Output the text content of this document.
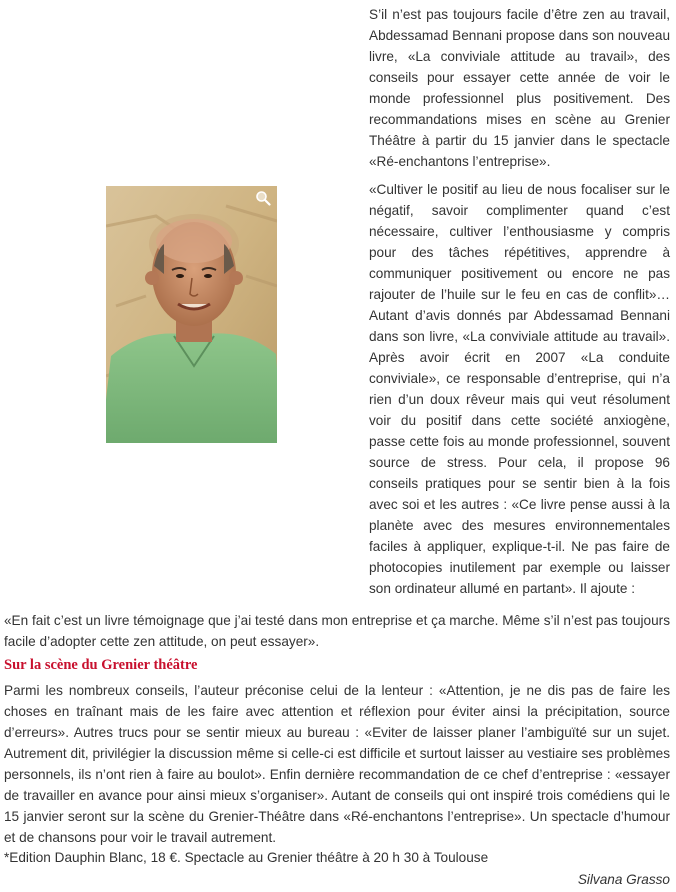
S’il n’est pas toujours facile d’être zen au travail, Abdessamad Bennani propose dans son nouveau livre, «La conviviale attitude au travail», des conseils pour essayer cette année de voir le monde professionnel plus positivement. Des recommandations mises en scène au Grenier Théâtre à partir du 15 janvier dans le spectacle «Ré-enchantons l’entreprise».

«Cultiver le positif au lieu de nous focaliser sur le négatif, savoir complimenter quand c’est nécessaire, cultiver l’enthousiasme y compris pour des tâches répétitives, apprendre à communiquer positivement ou encore ne pas rajouter de l’huile sur le feu en cas de conflit»… Autant d’avis donnés par Abdessamad Bennani dans son livre, «La conviviale attitude au travail». Après avoir écrit en 2007 «La conduite conviviale», ce responsable d’entreprise, qui n’a rien d’un doux rêveur mais qui veut résolument voir du positif dans cette société anxiogène, passe cette fois au monde professionnel, souvent source de stress. Pour cela, il propose 96 conseils pratiques pour se sentir bien à la fois avec soi et les autres : «Ce livre pense aussi à la planète avec des mesures environnementales faciles à appliquer, explique-t-il. Ne pas faire de photocopies inutilement par exemple ou laisser son ordinateur allumé en partant». Il ajoute :

«En fait c’est un livre témoignage que j’ai testé dans mon entreprise et ça marche. Même s’il n’est pas toujours facile d’adopter cette zen attitude, on peut essayer».

Sur la scène du Grenier théâtre

Parmi les nombreux conseils, l’auteur préconise celui de la lenteur : «Attention, je ne dis pas de faire les choses en traînant mais de les faire avec attention et réflexion pour éviter ainsi la précipitation, source d’erreurs». Autres trucs pour se sentir mieux au bureau : «Eviter de laisser planer l’ambiguïté sur un sujet. Autrement dit, privilégier la discussion même si celle-ci est difficile et surtout laisser au vestiaire ses problèmes personnels, ils n’ont rien à faire au boulot». Enfin dernière recommandation de ce chef d’entreprise : «essayer de travailler en avance pour ainsi mieux s’organiser». Autant de conseils qui ont inspiré trois comédiens qui le 15 janvier seront sur la scène du Grenier-Théâtre dans «Ré-enchantons l’entreprise». Un spectacle d’humour et de chansons pour voir le travail autrement.

*Edition Dauphin Blanc, 18 €. Spectacle au Grenier théâtre à 20 h 30 à Toulouse

Silvana Grasso
